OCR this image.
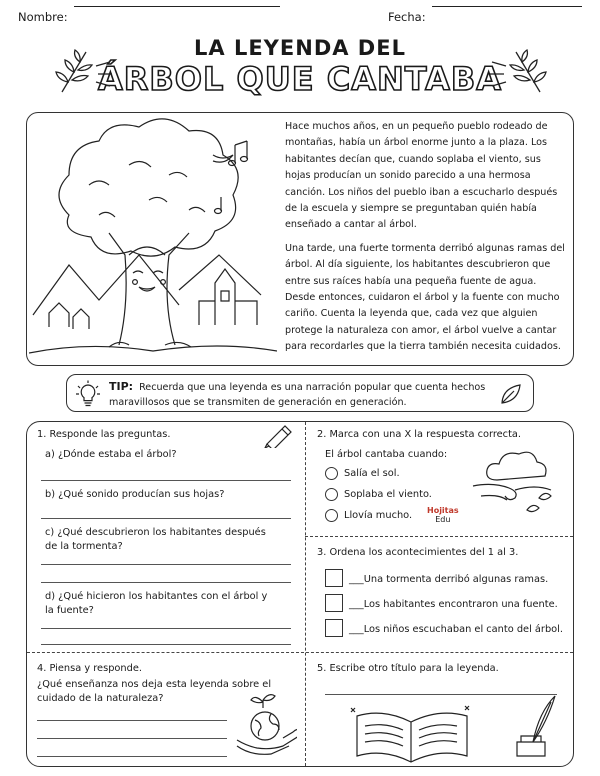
Nombre:	Fecha:
LA LEYENDA DEL
ÁRBOL QUE CANTABA

Hace muchos años, en un pequeño pueblo rodeado de montañas, había un árbol enorme junto a la plaza. Los habitantes decían que, cuando soplaba el viento, sus hojas producían un sonido parecido a una hermosa canción. Los niños del pueblo iban a escucharlo después de la escuela y siempre se preguntaban quién había enseñado a cantar al árbol.

Una tarde, una fuerte tormenta derribó algunas ramas del árbol. Al día siguiente, los habitantes descubrieron que entre sus raíces había una pequeña fuente de agua. Desde entonces, cuidaron el árbol y la fuente con mucho cariño. Cuenta la leyenda que, cada vez que alguien protege la naturaleza con amor, el árbol vuelve a cantar para recordarles que la tierra también necesita cuidados.

TIP: Recuerda que una leyenda es una narración popular que cuenta hechos maravillosos que se transmiten de generación en generación.
1. Responde las preguntas.
a) ¿Dónde estaba el árbol?
b) ¿Qué sonido producían sus hojas?
c) ¿Qué descubrieron los habitantes después de la tormenta?
d) ¿Qué hicieron los habitantes con el árbol y la fuente?
2. Marca con una X la respuesta correcta.
El árbol cantaba cuando:
Salía el sol.
Soplaba el viento.
Llovía mucho. Hojitas
Edu
3. Ordena los acontecimientes del 1 al 3.
___Una tormenta derribó algunas ramas.
___Los habitantes encontraron una fuente.
___Los niños escuchaban el canto del árbol.
4. Piensa y responde.
¿Qué enseñanza nos deja esta leyenda sobre el cuidado de la naturaleza?
5. Escribe otro título para la leyenda.
